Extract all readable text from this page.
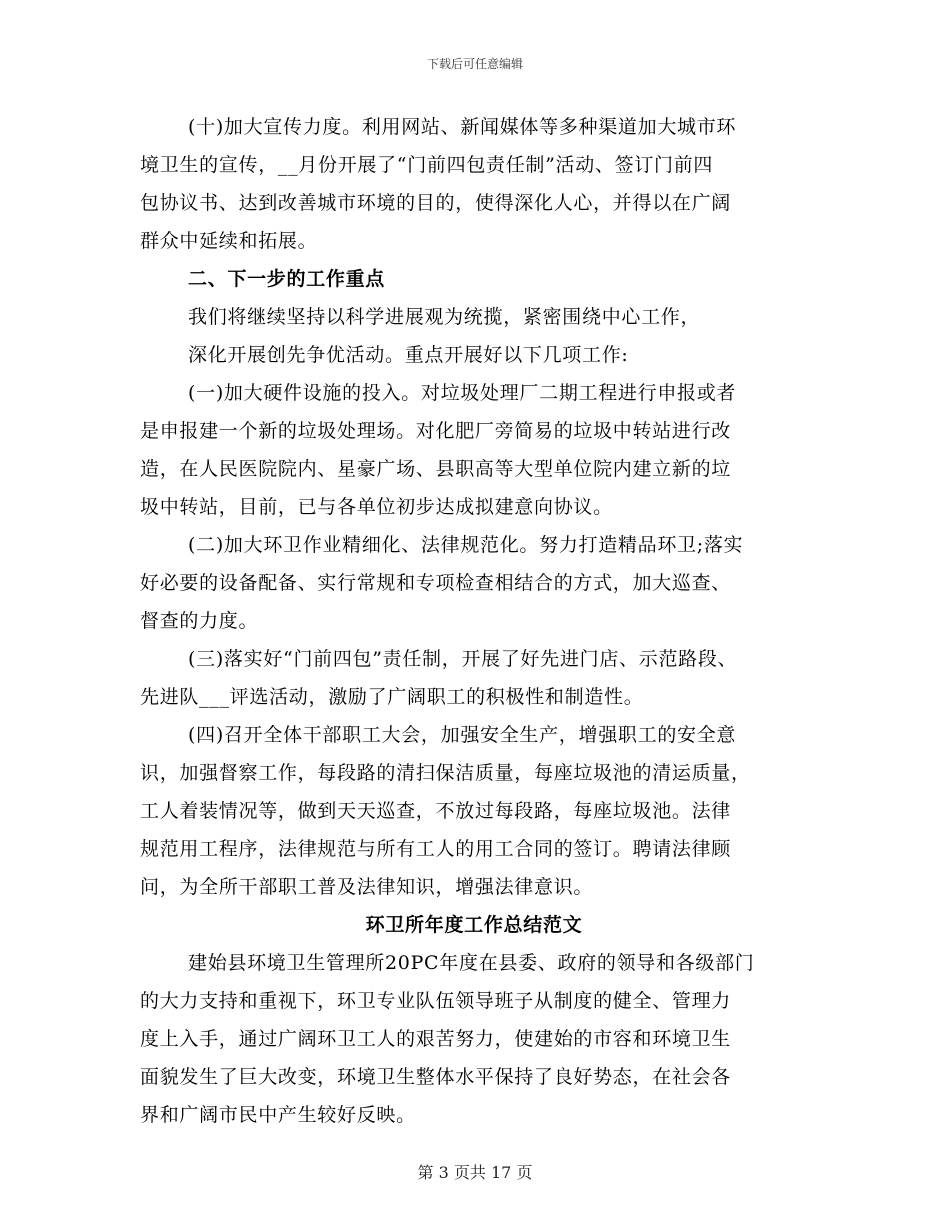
下载后可任意编辑
(十)加大宣传力度。利用网站、新闻媒体等多种渠道加大城市环
境卫生的宣传，__月份开展了“门前四包责任制”活动、签订门前四
包协议书、达到改善城市环境的目的，使得深化人心，并得以在广阔
群众中延续和拓展。
二、下一步的工作重点
我们将继续坚持以科学进展观为统揽，紧密围绕中心工作，
深化开展创先争优活动。重点开展好以下几项工作:
(一)加大硬件设施的投入。对垃圾处理厂二期工程进行申报或者
是申报建一个新的垃圾处理场。对化肥厂旁简易的垃圾中转站进行改
造，在人民医院院内、星豪广场、县职高等大型单位院内建立新的垃
圾中转站，目前，已与各单位初步达成拟建意向协议。
(二)加大环卫作业精细化、法律规范化。努力打造精品环卫;落实
好必要的设备配备、实行常规和专项检查相结合的方式，加大巡查、
督查的力度。
(三)落实好“门前四包”责任制，开展了好先进门店、示范路段、
先进队___评选活动，激励了广阔职工的积极性和制造性。
(四)召开全体干部职工大会，加强安全生产，增强职工的安全意
识，加强督察工作，每段路的清扫保洁质量，每座垃圾池的清运质量，
工人着装情况等，做到天天巡查，不放过每段路，每座垃圾池。法律
规范用工程序，法律规范与所有工人的用工合同的签订。聘请法律顾
问，为全所干部职工普及法律知识，增强法律意识。
环卫所年度工作总结范文
建始县环境卫生管理所20PC年度在县委、政府的领导和各级部门
的大力支持和重视下，环卫专业队伍领导班子从制度的健全、管理力
度上入手，通过广阔环卫工人的艰苦努力，使建始的市容和环境卫生
面貌发生了巨大改变，环境卫生整体水平保持了良好势态，在社会各
界和广阔市民中产生较好反映。
第 3 页共 17 页
